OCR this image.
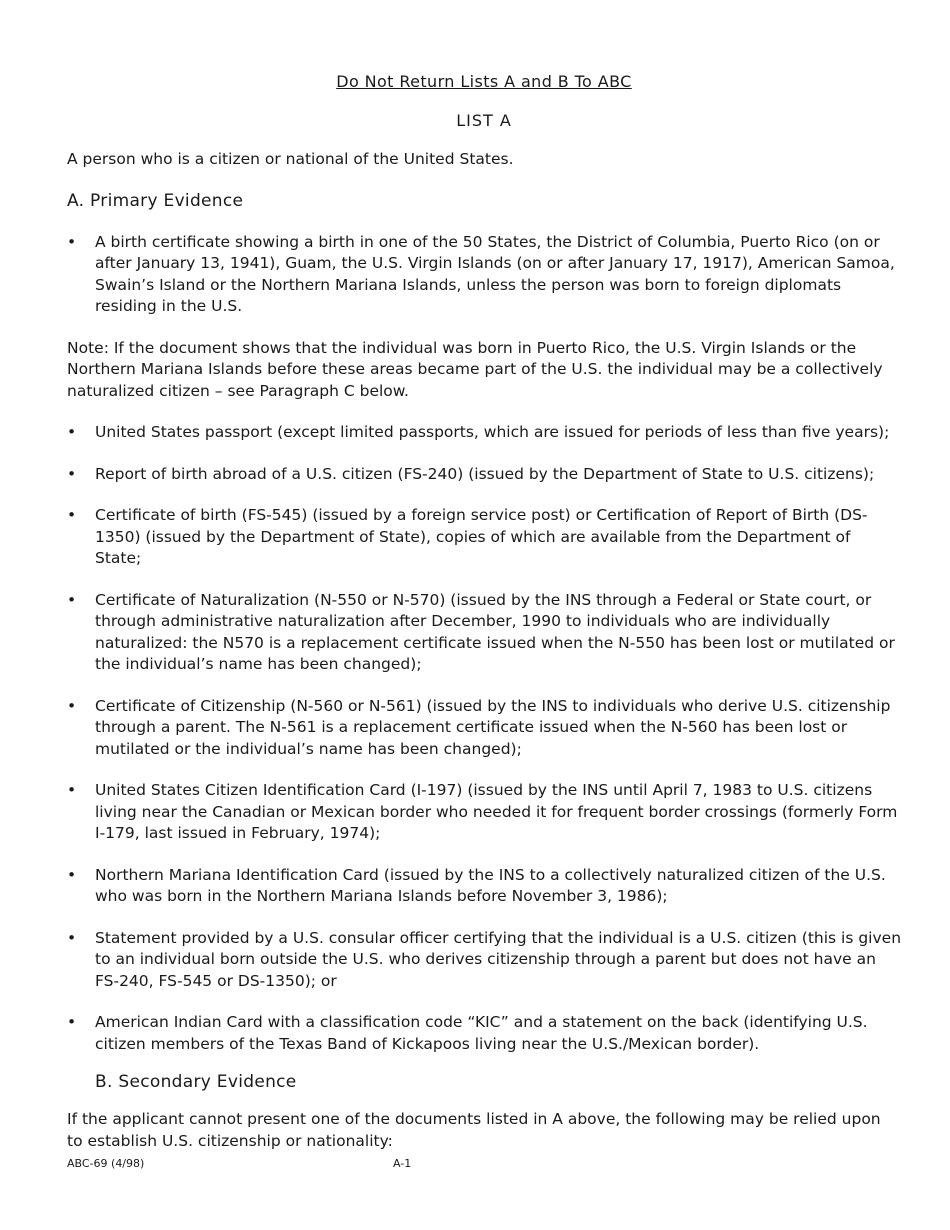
Do Not Return Lists A and B To ABC
LIST A

A person who is a citizen or national of the United States.

A. Primary Evidence
• A birth certificate showing a birth in one of the 50 States, the District of Columbia, Puerto Rico (on or after January 13, 1941), Guam, the U.S. Virgin Islands (on or after January 17, 1917), American Samoa, Swain’s Island or the Northern Mariana Islands, unless the person was born to foreign diplomats residing in the U.S.

Note: If the document shows that the individual was born in Puerto Rico, the U.S. Virgin Islands or the Northern Mariana Islands before these areas became part of the U.S. the individual may be a collectively naturalized citizen – see Paragraph C below.

• United States passport (except limited passports, which are issued for periods of less than five years);
• Report of birth abroad of a U.S. citizen (FS-240) (issued by the Department of State to U.S. citizens);
• Certificate of birth (FS-545) (issued by a foreign service post) or Certification of Report of Birth (DS-1350) (issued by the Department of State), copies of which are available from the Department of State;
• Certificate of Naturalization (N-550 or N-570) (issued by the INS through a Federal or State court, or through administrative naturalization after December, 1990 to individuals who are individually naturalized: the N570 is a replacement certificate issued when the N-550 has been lost or mutilated or the individual’s name has been changed);
• Certificate of Citizenship (N-560 or N-561) (issued by the INS to individuals who derive U.S. citizenship through a parent. The N-561 is a replacement certificate issued when the N-560 has been lost or mutilated or the individual’s name has been changed);
• United States Citizen Identification Card (I-197) (issued by the INS until April 7, 1983 to U.S. citizens living near the Canadian or Mexican border who needed it for frequent border crossings (formerly Form I-179, last issued in February, 1974);
• Northern Mariana Identification Card (issued by the INS to a collectively naturalized citizen of the U.S. who was born in the Northern Mariana Islands before November 3, 1986);
• Statement provided by a U.S. consular officer certifying that the individual is a U.S. citizen (this is given to an individual born outside the U.S. who derives citizenship through a parent but does not have an FS-240, FS-545 or DS-1350); or
• American Indian Card with a classification code “KIC” and a statement on the back (identifying U.S. citizen members of the Texas Band of Kickapoos living near the U.S./Mexican border).
B. Secondary Evidence

If the applicant cannot present one of the documents listed in A above, the following may be relied upon to establish U.S. citizenship or nationality:

ABC-69 (4/98)	A-1
